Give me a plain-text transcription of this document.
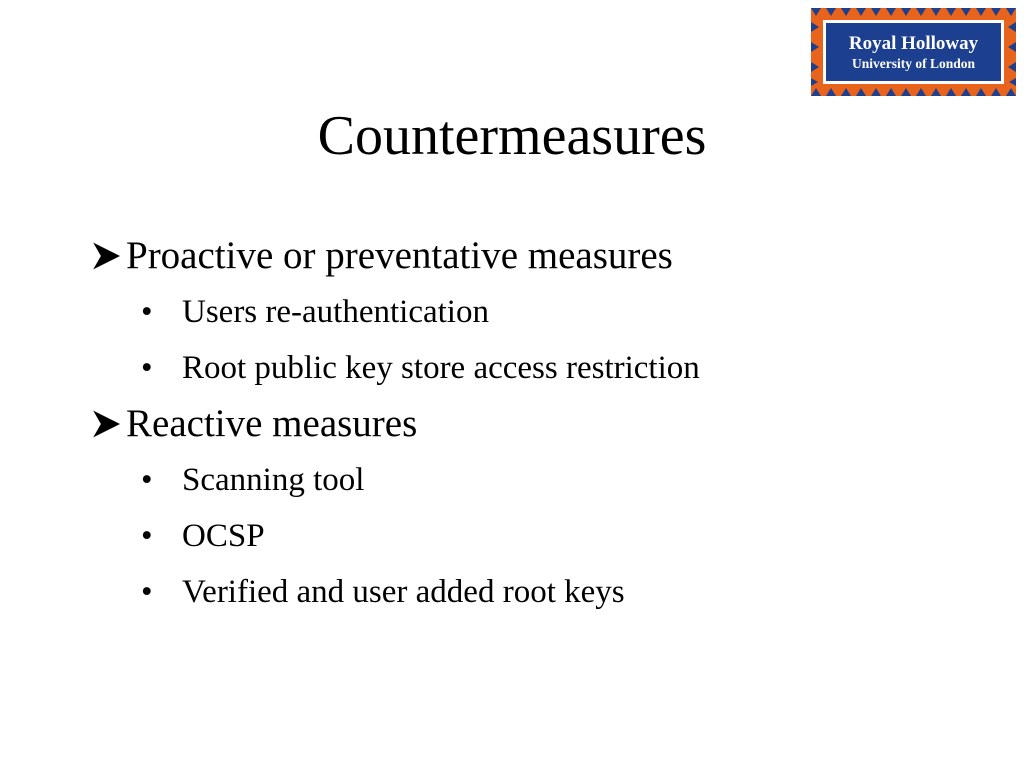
Royal Holloway
University of London
Countermeasures
Proactive or preventative measures
• Users re-authentication
• Root public key store access restriction
Reactive measures
• Scanning tool
• OCSP
• Verified and user added root keys
